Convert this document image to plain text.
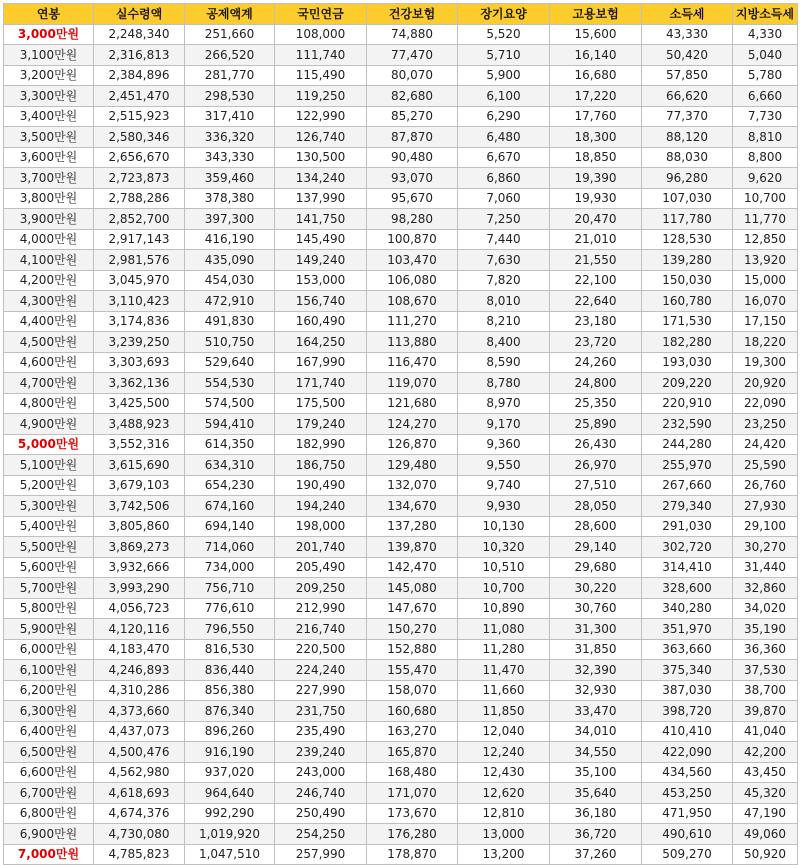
연봉	실수령액	공제액계	국민연금	건강보험	장기요양	고용보험	소득세	지방소득세
3,000만원	2,248,340	251,660	108,000	74,880	5,520	15,600	43,330	4,330
3,100만원	2,316,813	266,520	111,740	77,470	5,710	16,140	50,420	5,040
3,200만원	2,384,896	281,770	115,490	80,070	5,900	16,680	57,850	5,780
3,300만원	2,451,470	298,530	119,250	82,680	6,100	17,220	66,620	6,660
3,400만원	2,515,923	317,410	122,990	85,270	6,290	17,760	77,370	7,730
3,500만원	2,580,346	336,320	126,740	87,870	6,480	18,300	88,120	8,810
3,600만원	2,656,670	343,330	130,500	90,480	6,670	18,850	88,030	8,800
3,700만원	2,723,873	359,460	134,240	93,070	6,860	19,390	96,280	9,620
3,800만원	2,788,286	378,380	137,990	95,670	7,060	19,930	107,030	10,700
3,900만원	2,852,700	397,300	141,750	98,280	7,250	20,470	117,780	11,770
4,000만원	2,917,143	416,190	145,490	100,870	7,440	21,010	128,530	12,850
4,100만원	2,981,576	435,090	149,240	103,470	7,630	21,550	139,280	13,920
4,200만원	3,045,970	454,030	153,000	106,080	7,820	22,100	150,030	15,000
4,300만원	3,110,423	472,910	156,740	108,670	8,010	22,640	160,780	16,070
4,400만원	3,174,836	491,830	160,490	111,270	8,210	23,180	171,530	17,150
4,500만원	3,239,250	510,750	164,250	113,880	8,400	23,720	182,280	18,220
4,600만원	3,303,693	529,640	167,990	116,470	8,590	24,260	193,030	19,300
4,700만원	3,362,136	554,530	171,740	119,070	8,780	24,800	209,220	20,920
4,800만원	3,425,500	574,500	175,500	121,680	8,970	25,350	220,910	22,090
4,900만원	3,488,923	594,410	179,240	124,270	9,170	25,890	232,590	23,250
5,000만원	3,552,316	614,350	182,990	126,870	9,360	26,430	244,280	24,420
5,100만원	3,615,690	634,310	186,750	129,480	9,550	26,970	255,970	25,590
5,200만원	3,679,103	654,230	190,490	132,070	9,740	27,510	267,660	26,760
5,300만원	3,742,506	674,160	194,240	134,670	9,930	28,050	279,340	27,930
5,400만원	3,805,860	694,140	198,000	137,280	10,130	28,600	291,030	29,100
5,500만원	3,869,273	714,060	201,740	139,870	10,320	29,140	302,720	30,270
5,600만원	3,932,666	734,000	205,490	142,470	10,510	29,680	314,410	31,440
5,700만원	3,993,290	756,710	209,250	145,080	10,700	30,220	328,600	32,860
5,800만원	4,056,723	776,610	212,990	147,670	10,890	30,760	340,280	34,020
5,900만원	4,120,116	796,550	216,740	150,270	11,080	31,300	351,970	35,190
6,000만원	4,183,470	816,530	220,500	152,880	11,280	31,850	363,660	36,360
6,100만원	4,246,893	836,440	224,240	155,470	11,470	32,390	375,340	37,530
6,200만원	4,310,286	856,380	227,990	158,070	11,660	32,930	387,030	38,700
6,300만원	4,373,660	876,340	231,750	160,680	11,850	33,470	398,720	39,870
6,400만원	4,437,073	896,260	235,490	163,270	12,040	34,010	410,410	41,040
6,500만원	4,500,476	916,190	239,240	165,870	12,240	34,550	422,090	42,200
6,600만원	4,562,980	937,020	243,000	168,480	12,430	35,100	434,560	43,450
6,700만원	4,618,693	964,640	246,740	171,070	12,620	35,640	453,250	45,320
6,800만원	4,674,376	992,290	250,490	173,670	12,810	36,180	471,950	47,190
6,900만원	4,730,080	1,019,920	254,250	176,280	13,000	36,720	490,610	49,060
7,000만원	4,785,823	1,047,510	257,990	178,870	13,200	37,260	509,270	50,920
